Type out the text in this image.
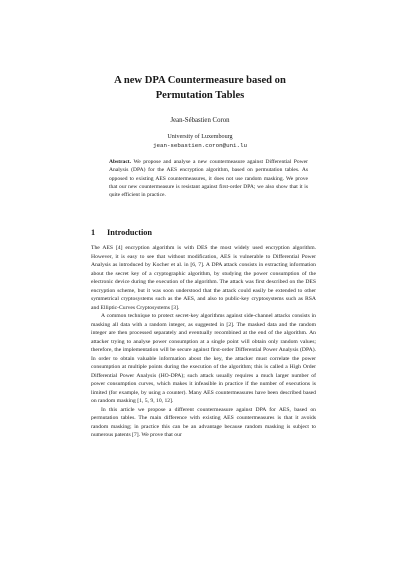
A new DPA Countermeasure based on
Permutation Tables
Jean-Sébastien Coron
University of Luxembourg
jean-sebastien.coron@uni.lu
Abstract. We propose and analyse a new countermeasure against Differential Power Analysis (DPA) for the AES encryption algorithm, based on permutation tables. As opposed to existing AES countermeasures, it does not use random masking. We prove that our new countermeasure is resistant against first-order DPA; we also show that it is quite efficient in practice.
1 Introduction

The AES [4] encryption algorithm is with DES the most widely used encryption algorithm. However, it is easy to see that without modification, AES is vulnerable to Differential Power Analysis as introduced by Kocher et al. in [6, 7]. A DPA attack consists in extracting information about the secret key of a cryptographic algorithm, by studying the power consumption of the electronic device during the execution of the algorithm. The attack was first described on the DES encryption scheme, but it was soon understood that the attack could easily be extended to other symmetrical cryptosystems such as the AES, and also to public-key cryptosystems such as RSA and Elliptic-Curves Cryptosystems [3].

A common technique to protect secret-key algorithms against side-channel attacks consists in masking all data with a random integer, as suggested in [2]. The masked data and the random integer are then processed separately and eventually recombined at the end of the algorithm. An attacker trying to analyse power consumption at a single point will obtain only random values; therefore, the implementation will be secure against first-order Differential Power Analysis (DPA). In order to obtain valuable information about the key, the attacker must correlate the power consumption at multiple points during the execution of the algorithm; this is called a High Order Differential Power Analysis (HO-DPA); such attack usually requires a much larger number of power consumption curves, which makes it infeasible in practice if the number of executions is limited (for example, by using a counter). Many AES countermeasures have been described based on random masking [1, 5, 9, 10, 12].

In this article we propose a different countermeasure against DPA for AES, based on permutation tables. The main difference with existing AES countermeasures is that it avoids random masking; in practice this can be an advantage because random masking is subject to numerous patents [7]. We prove that our
